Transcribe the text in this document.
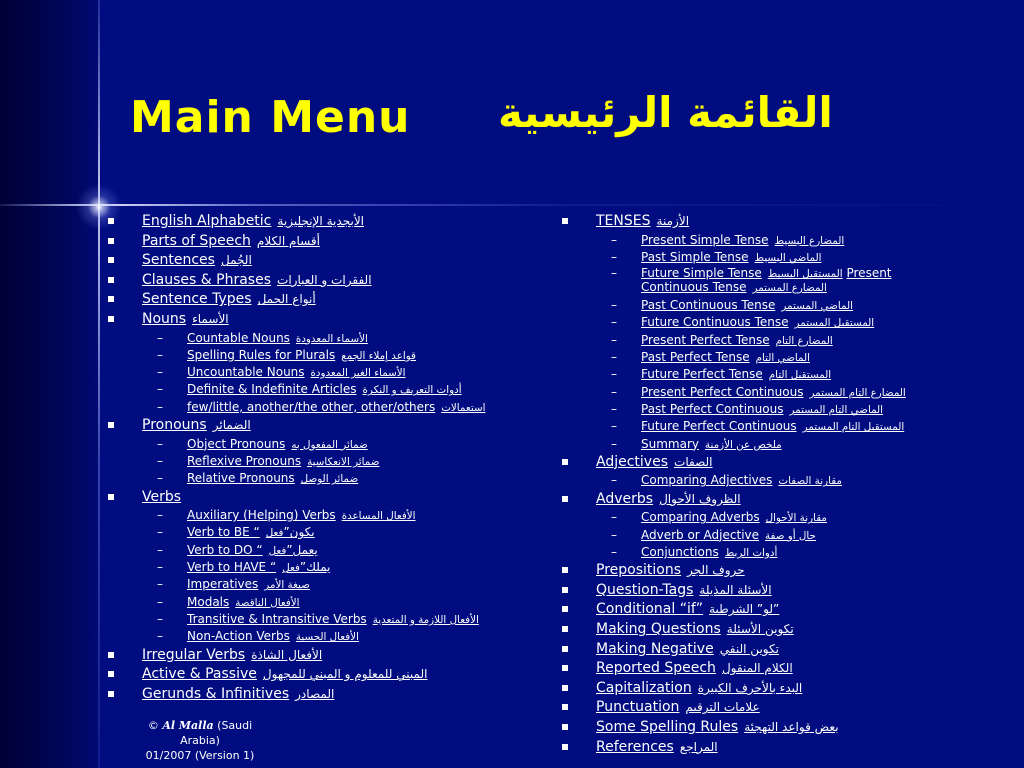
Main Menu القائمة الرئيسية
English Alphabetic الأبجدية الإنجليزية
Parts of Speech أقسام الكلام
Sentences الجُمل
Clauses & Phrases الفقرات و العبارات
Sentence Types أنواع الجمل
Nouns الأسماء
– Countable Nouns الأسماء المعدودة
– Spelling Rules for Plurals قواعد إملاء الجمع
– Uncountable Nouns الأسماء الغير المعدودة
– Definite & Indefinite Articles أدوات التعريف و النكرة
– few/little, another/the other, other/others استعمالات
Pronouns الضمائر
– Object Pronouns ضمائر المفعول به
– Reflexive Pronouns ضمائر الانعكاسية
– Relative Pronouns ضمائر الوصل
Verbs
– Auxiliary (Helping) Verbs الأفعال المساعدة
– Verb to BE “يكون”فعل
– Verb to DO “يعمل”فعل
– Verb to HAVE “يملك”فعل
– Imperatives صيغة الأمر
– Modals الأفعال الناقصة
– Transitive & Intransitive Verbs الأفعال اللازمة و المتعدية
– Non-Action Verbs الأفعال الحسية
Irregular Verbs الأفعال الشاذة
Active & Passive المبني للمعلوم و المبني للمجهول
Gerunds & Infinitives المصادر
TENSES الأزمنة
– Present Simple Tense المضارع البسيط
– Past Simple Tense الماضي البسيط
– Future Simple Tense المستقبل البسيط Present
Continuous Tense المضارع المستمر
– Past Continuous Tense الماضي المستمر
– Future Continuous Tense المستقبل المستمر
– Present Perfect Tense المضارع التام
– Past Perfect Tense الماضي التام
– Future Perfect Tense المستقبل التام
– Present Perfect Continuous المضارع التام المستمر
– Past Perfect Continuous الماضي التام المستمر
– Future Perfect Continuous المستقبل التام المستمر
– Summary ملخص عن الأزمنة
Adjectives الصفات
– Comparing Adjectives مقارنة الصفات
Adverbs الظروف الأحوال
– Comparing Adverbs مقارنة الأحوال
– Adverb or Adjective حال أو صفة
– Conjunctions أدوات الربط
Prepositions حروف الجر
Question-Tags الأسئلة المذيلة
Conditional “if” لو” الشرطية”
Making Questions تكوين الأسئلة
Making Negative تكوين النفي
Reported Speech الكلام المنقول
Capitalization البدء بالأحرف الكبيرة
Punctuation علامات الترقيم
Some Spelling Rules بعض قواعد التهجئة
References المراجع
© Al Malla (Saudi Arabia)
01/2007 (Version 1)
